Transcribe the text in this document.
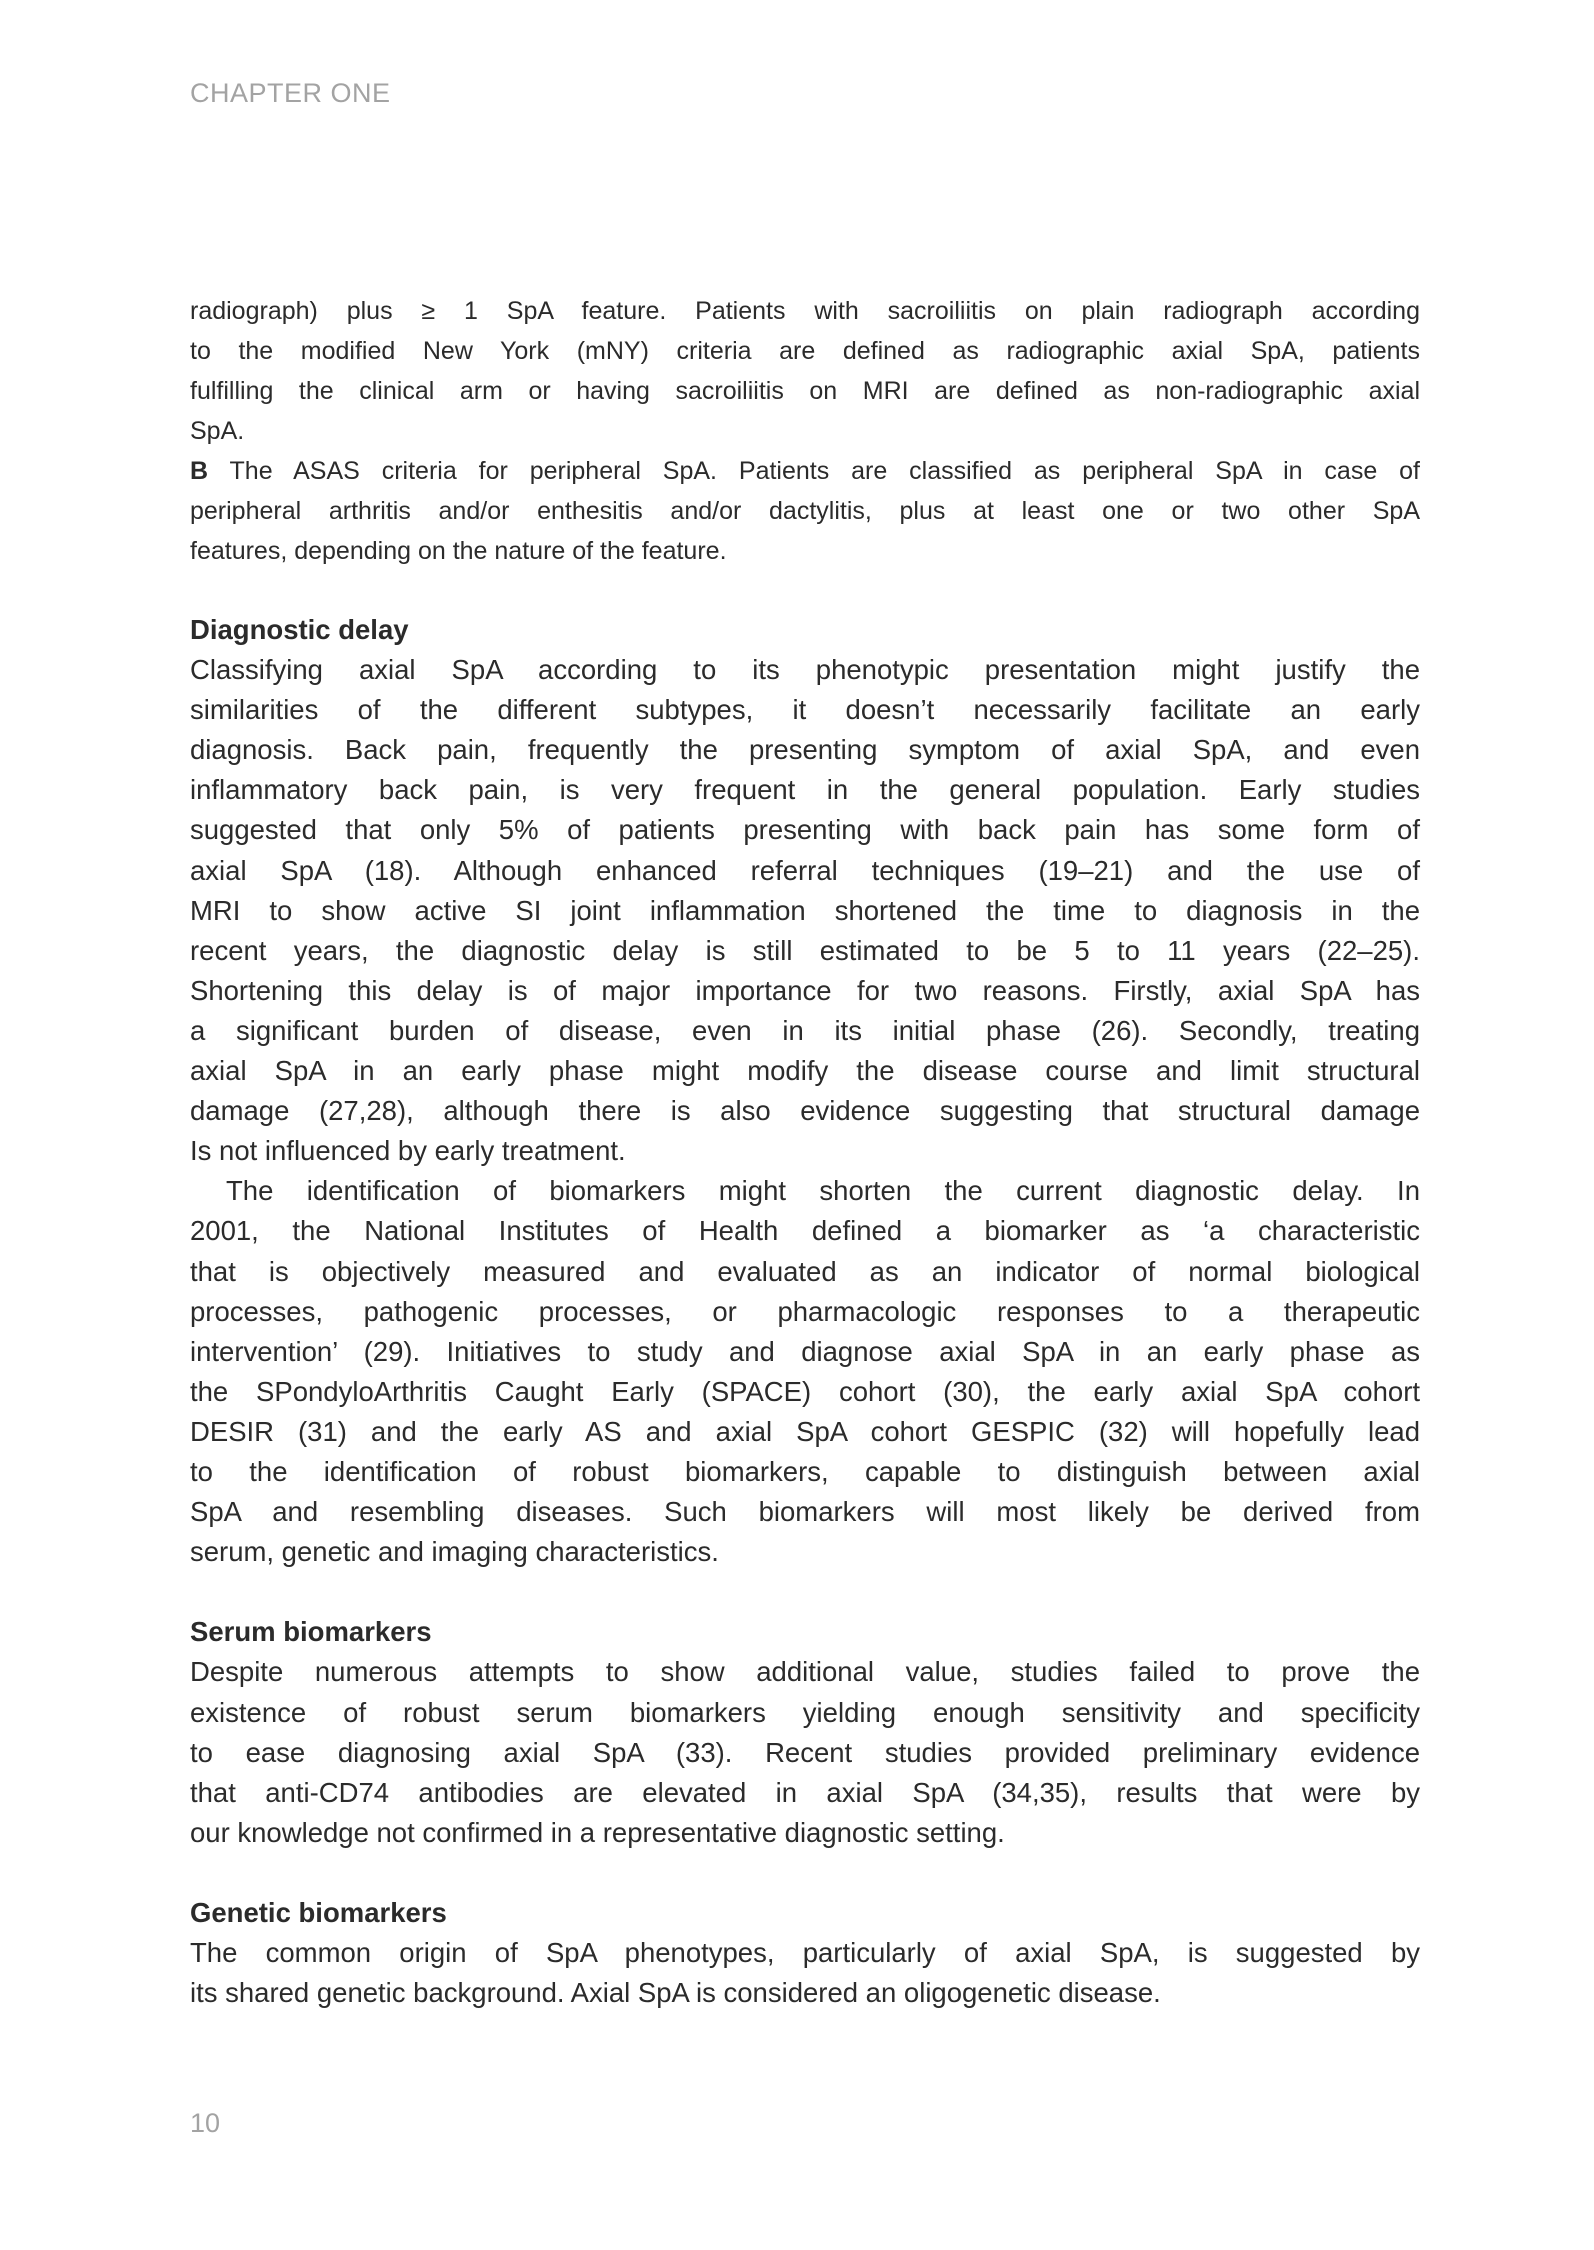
CHAPTER ONE
radiograph) plus ≥ 1 SpA feature. Patients with sacroiliitis on plain radiograph according
to the modified New York (mNY) criteria are defined as radiographic axial SpA, patients
fulfilling the clinical arm or having sacroiliitis on MRI are defined as non-radiographic axial
SpA.
B The ASAS criteria for peripheral SpA. Patients are classified as peripheral SpA in case of
peripheral arthritis and/or enthesitis and/or dactylitis, plus at least one or two other SpA
features, depending on the nature of the feature.
Diagnostic delay
Classifying axial SpA according to its phenotypic presentation might justify the
similarities of the different subtypes, it doesn’t necessarily facilitate an early
diagnosis. Back pain, frequently the presenting symptom of axial SpA, and even
inflammatory back pain, is very frequent in the general population. Early studies
suggested that only 5% of patients presenting with back pain has some form of
axial SpA (18). Although enhanced referral techniques (19–21) and the use of
MRI to show active SI joint inflammation shortened the time to diagnosis in the
recent years, the diagnostic delay is still estimated to be 5 to 11 years (22–25).
Shortening this delay is of major importance for two reasons. Firstly, axial SpA has
a significant burden of disease, even in its initial phase (26). Secondly, treating
axial SpA in an early phase might modify the disease course and limit structural
damage (27,28), although there is also evidence suggesting that structural damage
Is not influenced by early treatment.
The identification of biomarkers might shorten the current diagnostic delay. In
2001, the National Institutes of Health defined a biomarker as ‘a characteristic
that is objectively measured and evaluated as an indicator of normal biological
processes, pathogenic processes, or pharmacologic responses to a therapeutic
intervention’ (29). Initiatives to study and diagnose axial SpA in an early phase as
the SPondyloArthritis Caught Early (SPACE) cohort (30), the early axial SpA cohort
DESIR (31) and the early AS and axial SpA cohort GESPIC (32) will hopefully lead
to the identification of robust biomarkers, capable to distinguish between axial
SpA and resembling diseases. Such biomarkers will most likely be derived from
serum, genetic and imaging characteristics.
Serum biomarkers
Despite numerous attempts to show additional value, studies failed to prove the
existence of robust serum biomarkers yielding enough sensitivity and specificity
to ease diagnosing axial SpA (33). Recent studies provided preliminary evidence
that anti-CD74 antibodies are elevated in axial SpA (34,35), results that were by
our knowledge not confirmed in a representative diagnostic setting.
Genetic biomarkers
The common origin of SpA phenotypes, particularly of axial SpA, is suggested by
its shared genetic background. Axial SpA is considered an oligogenetic disease.
10
